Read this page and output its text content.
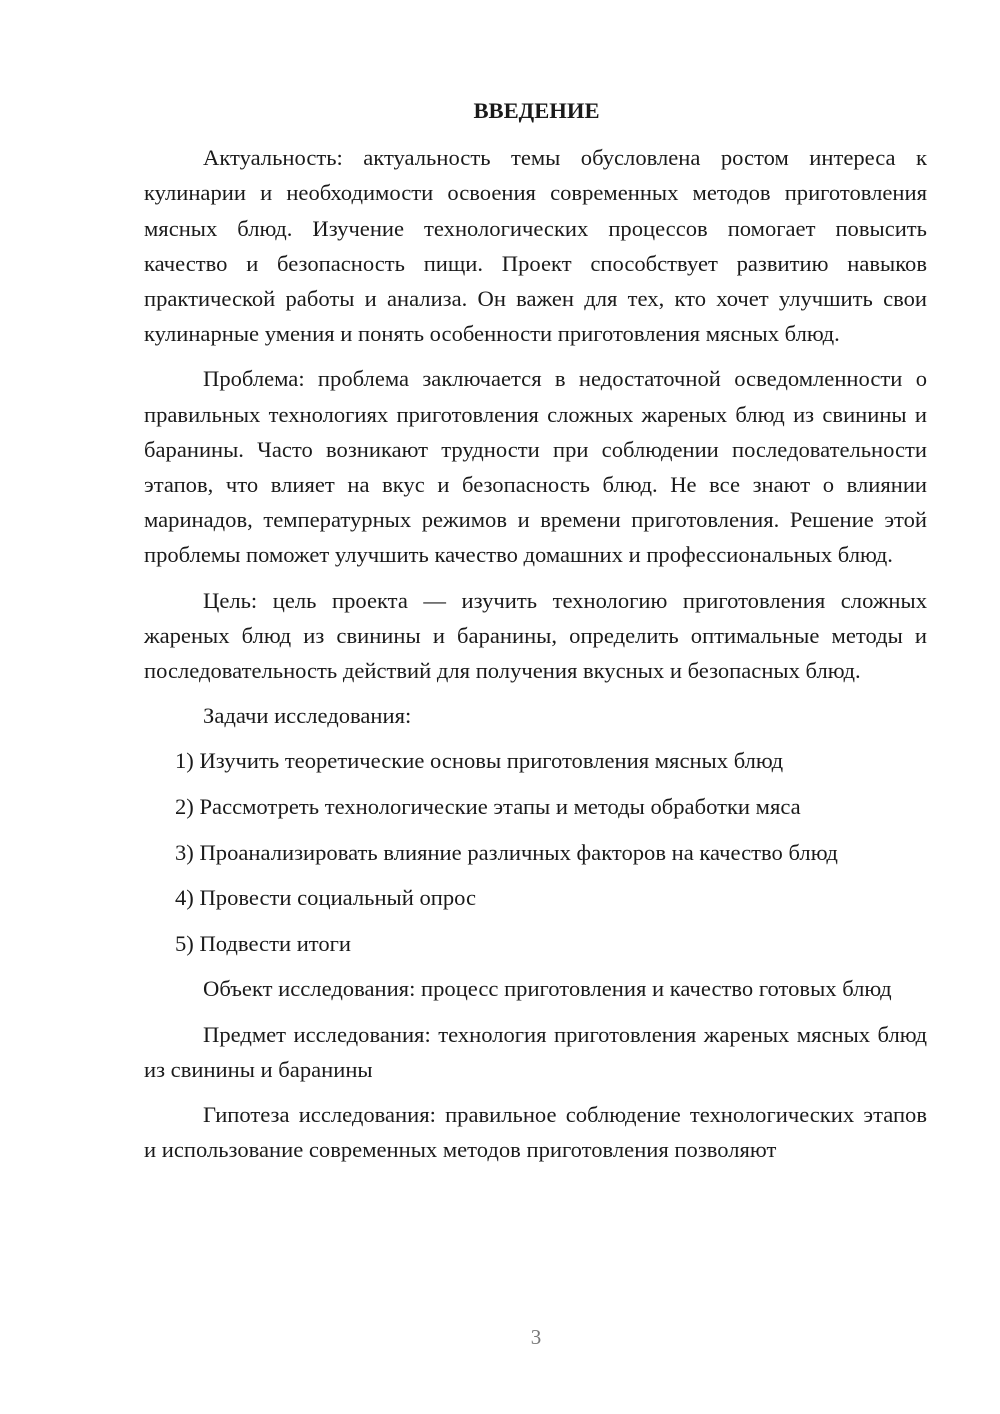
ВВЕДЕНИЕ

Актуальность: актуальность темы обусловлена ростом интереса к кулинарии и необходимости освоения современных методов приготовления мясных блюд. Изучение технологических процессов помогает повысить качество и безопасность пищи. Проект способствует развитию навыков практической работы и анализа. Он важен для тех, кто хочет улучшить свои кулинарные умения и понять особенности приготовления мясных блюд.

Проблема: проблема заключается в недостаточной осведомленности о правильных технологиях приготовления сложных жареных блюд из свинины и баранины. Часто возникают трудности при соблюдении последовательности этапов, что влияет на вкус и безопасность блюд. Не все знают о влиянии маринадов, температурных режимов и времени приготовления. Решение этой проблемы поможет улучшить качество домашних и профессиональных блюд.

Цель: цель проекта — изучить технологию приготовления сложных жареных блюд из свинины и баранины, определить оптимальные методы и последовательность действий для получения вкусных и безопасных блюд.

Задачи исследования:

1) Изучить теоретические основы приготовления мясных блюд
2) Рассмотреть технологические этапы и методы обработки мяса
3) Проанализировать влияние различных факторов на качество блюд
4) Провести социальный опрос
5) Подвести итоги

Объект исследования: процесс приготовления и качество готовых блюд

Предмет исследования: технология приготовления жареных мясных блюд из свинины и баранины

Гипотеза исследования: правильное соблюдение технологических этапов и использование современных методов приготовления позволяют

3
